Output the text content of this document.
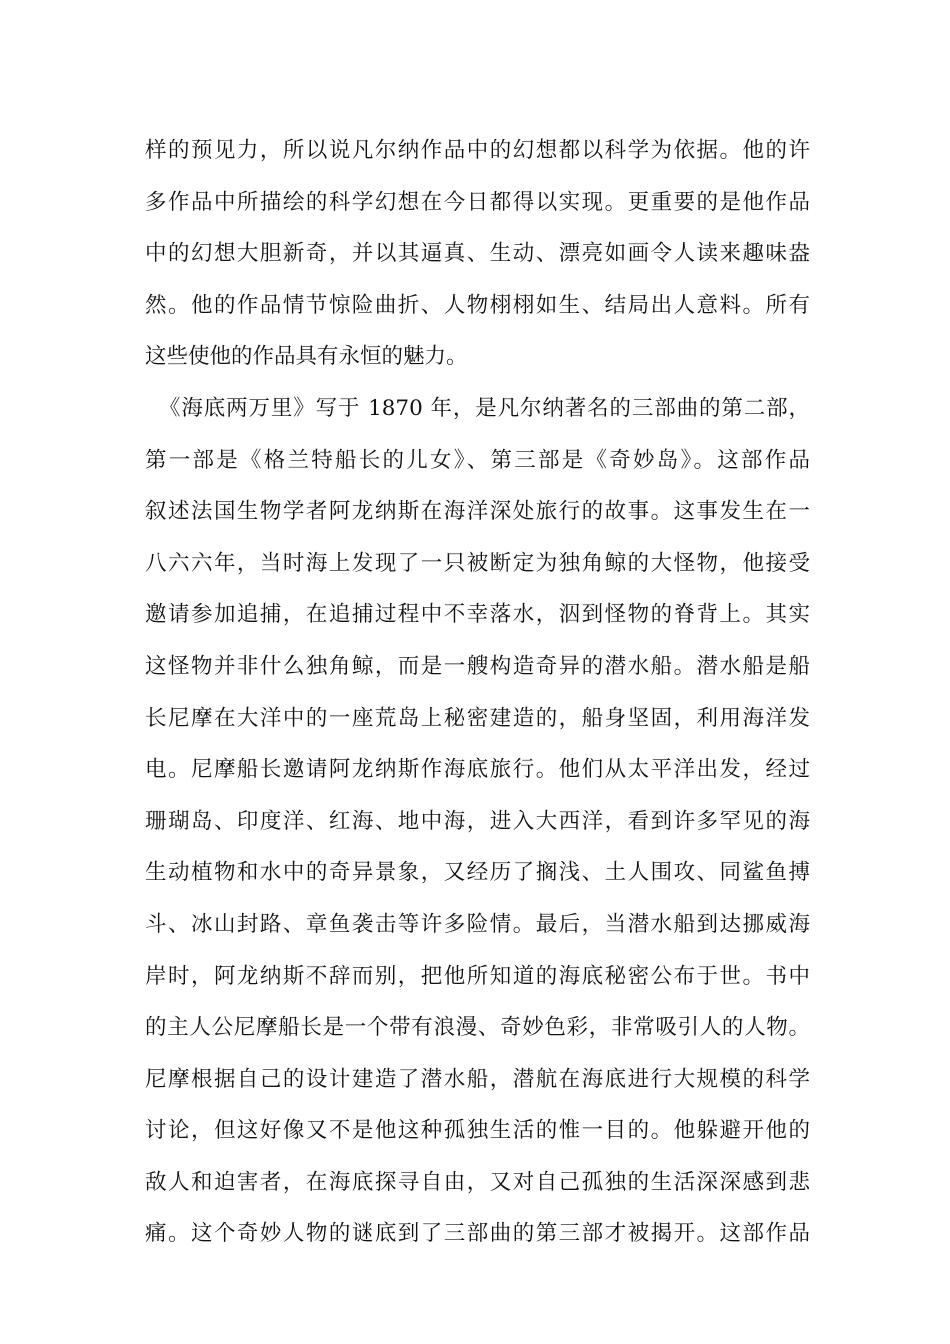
样的预见力，所以说凡尔纳作品中的幻想都以科学为依据。他的许
多作品中所描绘的科学幻想在今日都得以实现。更重要的是他作品
中的幻想大胆新奇，并以其逼真、生动、漂亮如画令人读来趣味盎
然。他的作品情节惊险曲折、人物栩栩如生、结局出人意料。所有
这些使他的作品具有永恒的魅力。
《海底两万里》写于 1870 年，是凡尔纳著名的三部曲的第二部，
第一部是《格兰特船长的儿女》、第三部是《奇妙岛》。这部作品
叙述法国生物学者阿龙纳斯在海洋深处旅行的故事。这事发生在一
八六六年，当时海上发现了一只被断定为独角鲸的大怪物，他接受
邀请参加追捕，在追捕过程中不幸落水，泅到怪物的脊背上。其实
这怪物并非什么独角鲸，而是一艘构造奇异的潜水船。潜水船是船
长尼摩在大洋中的一座荒岛上秘密建造的，船身坚固，利用海洋发
电。尼摩船长邀请阿龙纳斯作海底旅行。他们从太平洋出发，经过
珊瑚岛、印度洋、红海、地中海，进入大西洋，看到许多罕见的海
生动植物和水中的奇异景象，又经历了搁浅、土人围攻、同鲨鱼搏
斗、冰山封路、章鱼袭击等许多险情。最后，当潜水船到达挪威海
岸时，阿龙纳斯不辞而别，把他所知道的海底秘密公布于世。书中
的主人公尼摩船长是一个带有浪漫、奇妙色彩，非常吸引人的人物。
尼摩根据自己的设计建造了潜水船，潜航在海底进行大规模的科学
讨论，但这好像又不是他这种孤独生活的惟一目的。他躲避开他的
敌人和迫害者，在海底探寻自由，又对自己孤独的生活深深感到悲
痛。这个奇妙人物的谜底到了三部曲的第三部才被揭开。这部作品
